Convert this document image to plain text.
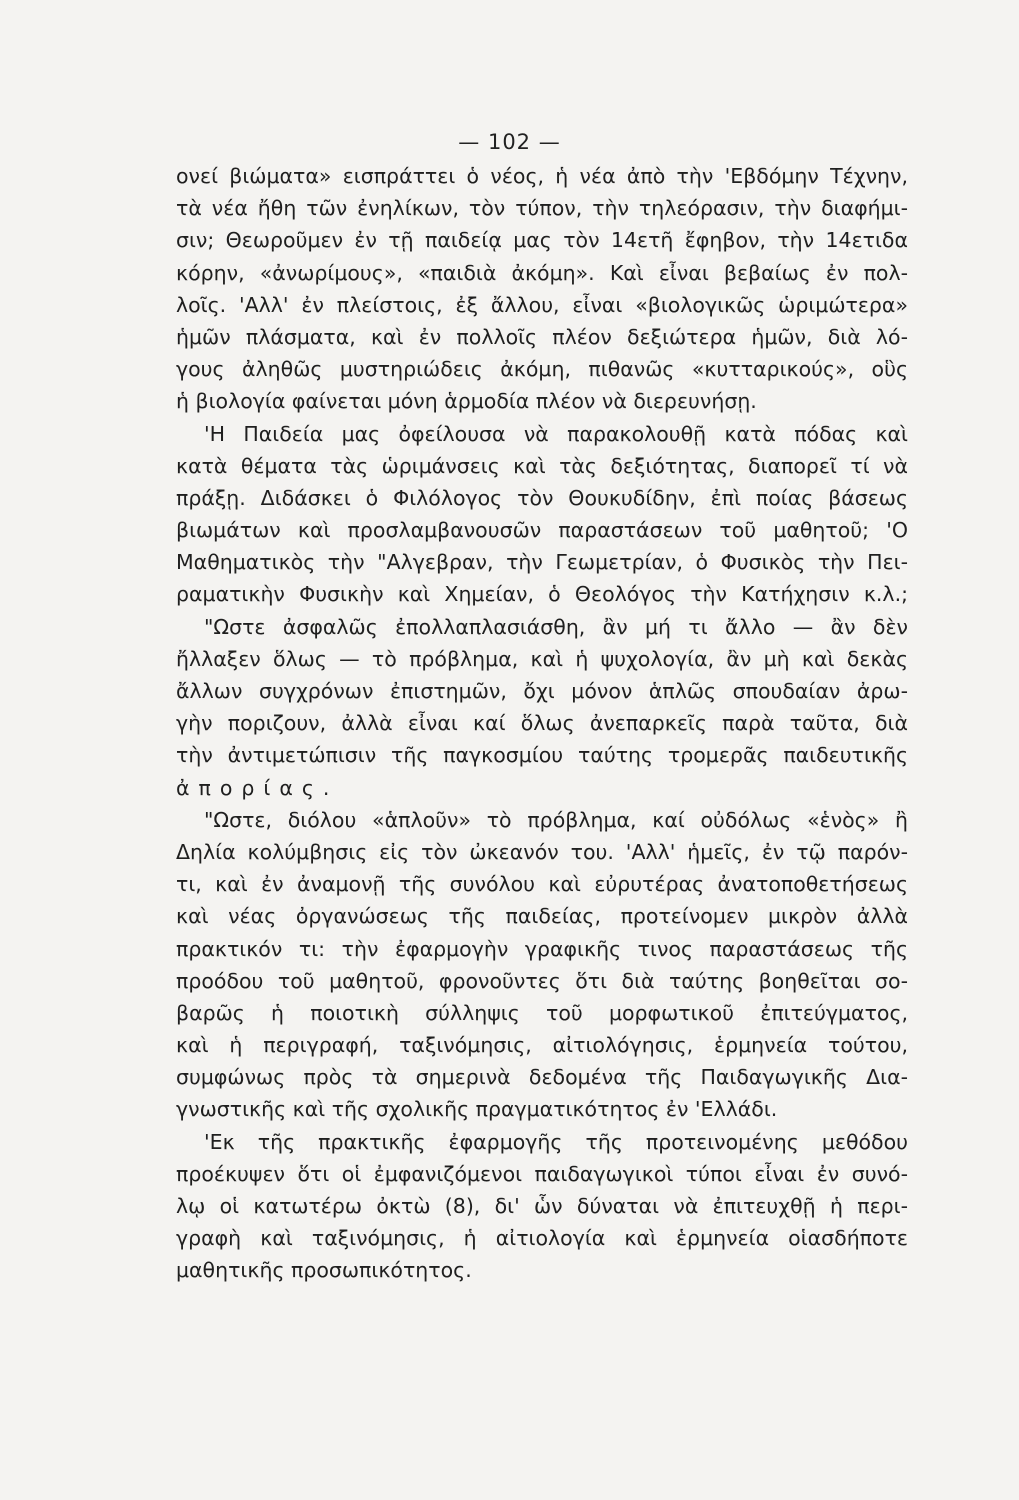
— 102 —
ονεί βιώματα» εισπράττει ὁ νέος, ἡ νέα ἀπὸ τὴν 'Εβδόμην Τέχνην,
τὰ νέα ἤθη τῶν ἐνηλίκων, τὸν τύπον, τὴν τηλεόρασιν, τὴν διαφήμι-
σιν; Θεωροῦμεν ἐν τῇ παιδείᾳ μας τὸν 14ετῆ ἔφηβον, τὴν 14ετιδα
κόρην, «ἀνωρίμους», «παιδιὰ ἀκόμη». Καὶ εἶναι βεβαίως ἐν πολ-
λοῖς. 'Αλλ' ἐν πλείστοις, ἐξ ἄλλου, εἶναι «βιολογικῶς ὡριμώτερα»
ἡμῶν πλάσματα, καὶ ἐν πολλοῖς πλέον δεξιώτερα ἡμῶν, διὰ λό-
γους ἀληθῶς μυστηριώδεις ἀκόμη, πιθανῶς «κυτταρικούς», οὓς
ἡ βιολογία φαίνεται μόνη ἁρμοδία πλέον νὰ διερευνήσῃ.
'Η Παιδεία μας ὀφείλουσα νὰ παρακολουθῇ κατὰ πόδας καὶ
κατὰ θέματα τὰς ὡριμάνσεις καὶ τὰς δεξιότητας, διαπορεῖ τί νὰ
πράξῃ. Διδάσκει ὁ Φιλόλογος τὸν Θουκυδίδην, ἐπὶ ποίας βάσεως
βιωμάτων καὶ προσλαμβανουσῶν παραστάσεων τοῦ μαθητοῦ; 'Ο
Μαθηματικὸς τὴν "Αλγεβραν, τὴν Γεωμετρίαν, ὁ Φυσικὸς τὴν Πει-
ραματικὴν Φυσικὴν καὶ Χημείαν, ὁ Θεολόγος τὴν Κατήχησιν κ.λ.;
"Ωστε ἀσφαλῶς ἐπολλαπλασιάσθη, ἂν μή τι ἄλλο — ἂν δὲν
ἤλλαξεν ὅλως — τὸ πρόβλημα, καὶ ἡ ψυχολογία, ἂν μὴ καὶ δεκὰς
ἄλλων συγχρόνων ἐπιστημῶν, ὄχι μόνον ἁπλῶς σπουδαίαν ἀρω-
γὴν ποριζουν, ἀλλὰ εἶναι καί ὅλως ἀνεπαρκεῖς παρὰ ταῦτα, διὰ
τὴν ἀντιμετώπισιν τῆς παγκοσμίου ταύτης τρομερᾶς παιδευτικῆς
ἀπορίας.
"Ωστε, διόλου «ἁπλοῦν» τὸ πρόβλημα, καί οὐδόλως «ἑνὸς» ἢ
Δηλία κολύμβησις εἰς τὸν ὠκεανόν του. 'Αλλ' ἡμεῖς, ἐν τῷ παρόν-
τι, καὶ ἐν ἀναμονῇ τῆς συνόλου καὶ εὐρυτέρας ἀνατοποθετήσεως
καὶ νέας ὀργανώσεως τῆς παιδείας, προτείνομεν μικρὸν ἀλλὰ
πρακτικόν τι: τὴν ἐφαρμογὴν γραφικῆς τινος παραστάσεως τῆς
προόδου τοῦ μαθητοῦ, φρονοῦντες ὅτι διὰ ταύτης βοηθεῖται σο-
βαρῶς ἡ ποιοτικὴ σύλληψις τοῦ μορφωτικοῦ ἐπιτεύγματος,
καὶ ἡ περιγραφή, ταξινόμησις, αἰτιολόγησις, ἑρμηνεία τούτου,
συμφώνως πρὸς τὰ σημερινὰ δεδομένα τῆς Παιδαγωγικῆς Δια-
γνωστικῆς καὶ τῆς σχολικῆς πραγματικότητος ἐν 'Ελλάδι.
'Εκ τῆς πρακτικῆς ἐφαρμογῆς τῆς προτεινομένης μεθόδου
προέκυψεν ὅτι οἱ ἐμφανιζόμενοι παιδαγωγικοὶ τύποι εἶναι ἐν συνό-
λῳ οἱ κατωτέρω ὀκτὼ (8), δι' ὧν δύναται νὰ ἐπιτευχθῇ ἡ περι-
γραφὴ καὶ ταξινόμησις, ἡ αἰτιολογία καὶ ἑρμηνεία οἱασδήποτε
μαθητικῆς προσωπικότητος.
